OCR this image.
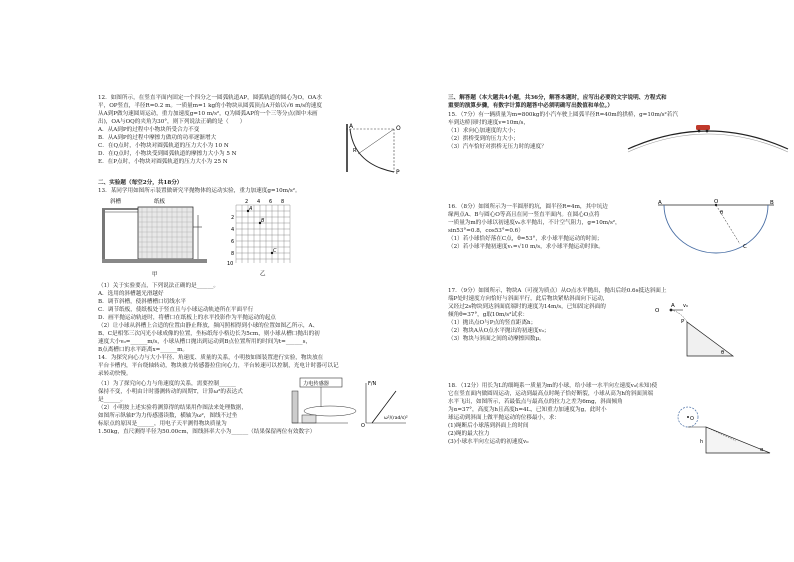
12．如图所示，在竖直平面内固定一个四分之一圆弧轨道AP，圆弧轨道的圆心为O，OA水
平，OP竖直，半径R=0.2 m。一质量m=1 kg的小物块从圆弧顶点A开始以√6 m/s的速度
从A到P做匀速圆周运动，重力加速度g=10 m/s²，Q为圆弧AP的一个三等分点(图中未画
出)，OA与OQ的夹角为30°，则下列说法正确的是（　　）
A．从A到P的过程中小物块所受合力不变
B．从A到P的过程中摩擦力做功的功率逐渐增大
C．在Q点时，小物块对圆弧轨道的压力大小为 10 N
D．在Q点时，小物块受到圆弧轨道的摩擦力大小为 5 N
E．在P点时，小物块对圆弧轨道的压力大小为 25 N
A	O
R
P
二、实验题（每空2分，共18分）
13．某同学用如图所示装置做研究平抛物体的运动实验，重力加速度g=10m/s²。
斜槽	纸板
甲
2 4 6 8
2
4
6
8
10
A
B
C
乙
（1）关于实验要点，下列说法正确的是______。
A．选用的斜槽越光滑越好
B．调节斜槽，使斜槽槽口切线水平
C．调节纸板，使纸板处于竖直且与小球运动轨迹所在平面平行
D．画平抛运动轨迹时，将槽口在纸板上的水平投影作为平抛运动的起点
（2）让小球从斜槽上合适的位置由静止释放，频闪照相得到小球的位置如图乙所示，A、
B、C是相邻三次闪光小球成像的位置，坐标纸每小格边长为5cm，则小球从槽口抛出的初
速度大小v₀=______m/s，小球从槽口抛出到运动到B点位置所用的时间为t=______s，
B点离槽口的水平距离x=______m。
14．为探究向心力与大小半径、角速度、质量的关系，小明按如图装置进行实验，物块放在
平台卡槽内，平台绕轴转动，物块被力传感器拉住向心力，平台转速可以控制，光电计时器可以记
录转动快慢。
（1）为了探究向心力与角速度的关系，需要控制______
保持不变，小明由计时器测转动的周期T，计算ω²的表达式
是______。
（2）小明按上述实验将测算得的结果用作图法来处理数据，
如图所示纵轴F为力传感器读数，横轴为ω²，图线不过坐
标原点的原因是______，用电子天平测得物块质量为
1.50kg，直尺测得半径为50.00cm，图线斜率大小为______（结果保留两位有效数字）
力电传感器	F/N
O
ω²/(rad/s)²
三、解答题（本大题共4小题，共36分，解答本题时，应写出必要的文字说明、方程式和
重要的演算步骤，有数字计算的题答中必须明确写出数值和单位。）
15．（7分）有一辆质量为m=800kg的小汽车驶上圆弧半径R=40m的拱桥，g=10m/s²若汽
车到达桥顶时的速度v=10m/s，
（1）求向心加速度的大小；
（2）拱桥受到的压力大小；
（3）汽车恰好对拱桥无压力时的速度？
16．（8分）如图所示为一半圆形的坑，圆半径R=4m，其中坑边
缘两点A、B与圆心O等高且在同一竖直平面内。在圆心O点将
一质量为m的小球以初速度v₀水平抛出，不计空气阻力，g=10m/s²，
sin53°=0.8，cos53°=0.6）
（1）若小球恰好落在C点，θ=53°，求小球平抛运动的时间；
（2）若小球平抛初速度v₁=√10 m/s，求小球平抛运动时间t。
A	O	B
θ
C
17．（9分）如图所示，物块A（可视为质点）从O点水平抛出，抛出后经0.6s抵达斜面上
端P处时速度方向恰好与斜面平行，此后物块紧贴斜面向下运动，
又经过2s物块到达斜面底端时的速度为14m/s，已知固定斜面的
倾角θ=37°，g取10m/s²试求：
（1）抛出点O与P点的竖直距离h；
（2）物块A从O点水平抛出的初速度v₀；
（3）物块与斜面之间的动摩擦因数μ。
O
A v₀
P
θ
18．（12分）用长为L的细绳系一质量为m的小球，给小球一水平向左速度v₀(未知)使
它在竖直面内做圆周运动，运动到最高点时绳子恰好断裂，小球从高为h的斜面顶端
水平飞出，如图所示，若最低点与最高点的拉力之差为6mg，斜面倾角
为α=37°，高度为h且高度h=4L，已知重力加速度为g，此时小
球运动到斜面上做平抛运动的位移最小，求：
(1)绳断后小球落到斜面上的时间
(2)绳的最大拉力
(3)小球水平向左运动的初速度v₀
O
h
α
